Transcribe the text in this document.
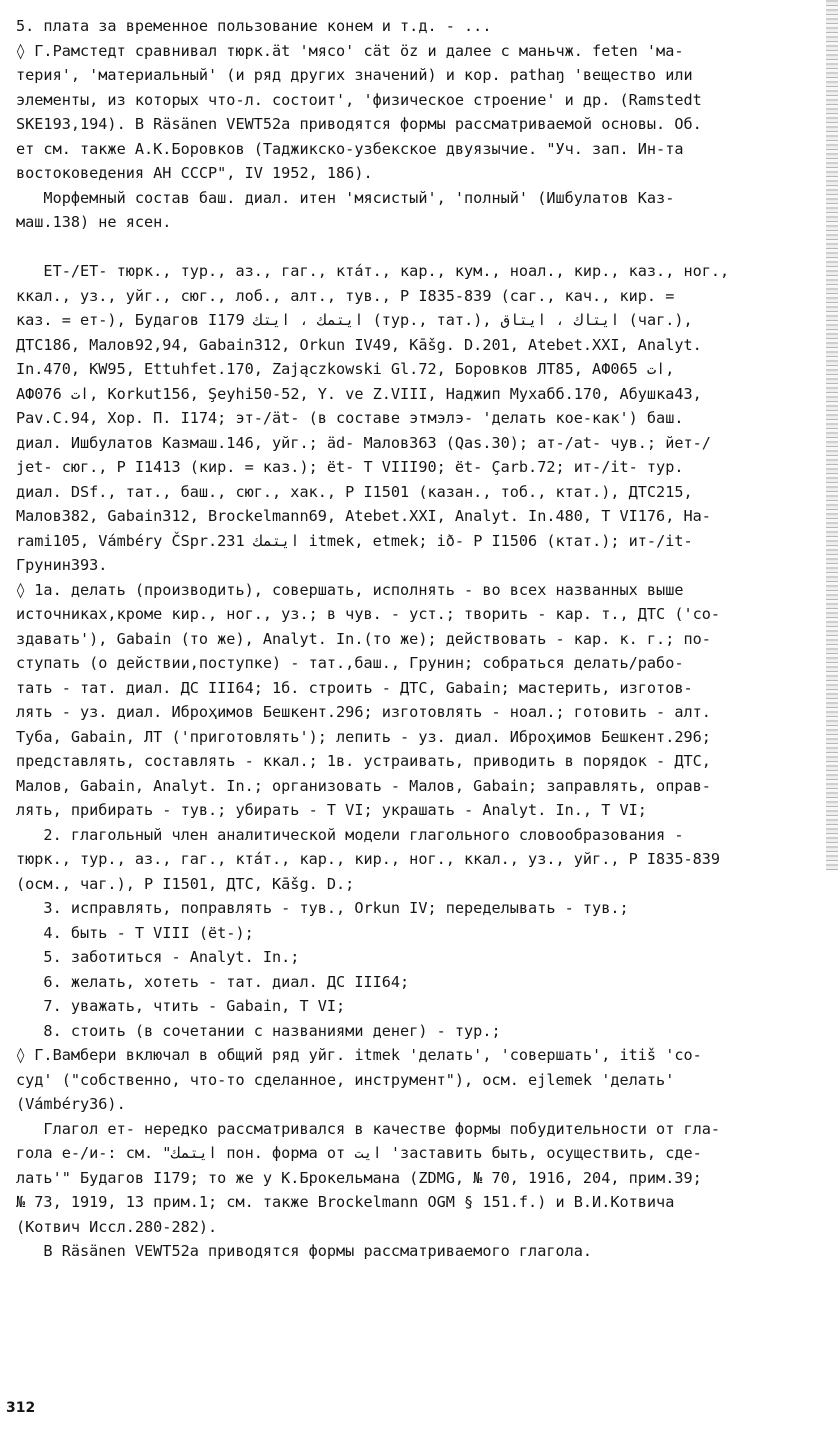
5. плата за временное пользование конем и т.д. - ...
◊ Г.Рамстедт сравнивал тюрк.ät 'мясо' cät öz и далее с маньчж. feten 'ма-
терия', 'материальный' (и ряд других значений) и кор. pathaŋ 'вещество или
элементы, из которых что-л. состоит', 'физическое строение' и др. (Ramstedt
SKE193,194). В Räsänen VEWT52a приводятся формы рассматриваемой основы. Об.
ет см. также А.К.Боровков (Таджикско-узбекское двуязычие. "Уч. зап. Ин-та
востоковедения АН СССР", IV 1952, 186).
Морфемный состав баш. диал. итен 'мясистый', 'полный' (Ишбулатов Каз-
маш.138) не ясен.
ЕТ-/ЕТ- тюрк., тур., аз., гаг., кта́т., кар., кум., ноал., кир., каз., ног.,
ккал., уз., уйг., сюг., лоб., алт., тув., Р I835-839 (саг., кач., кир. =
каз. = ет-), Будагов I179 ايتمك ، ايتك (тур., тат.), ايتاك ، ايتاق (чаг.),
ДТС186, Малов92,94, Gabain312, Orkun IV49, Kāšg. D.201, Atebet.XXI, Analyt.
In.470, KW95, Ettuhfet.170, Zajączkowski Gl.72, Боровков ЛТ85, АФ065 ات,
АФ076 ات, Korkut156, Şeyhi50-52, Y. ve Z.VIII, Наджип Мухабб.170, Абушка43,
Pav.C.94, Хор. П. I174; эт-/ät- (в составе этмэлэ- 'делать кое-как') баш.
диал. Ишбулатов Казмаш.146, уйг.; äd- Малов363 (Qas.30); ат-/at- чув.; йет-/
jet- сюг., Р I1413 (кир. = каз.); ёt- Т VIII90; ёt- Çarb.72; ит-/it- тур.
диал. DSf., тат., баш., сюг., хак., Р I1501 (казан., тоб., ктат.), ДТС215,
Малов382, Gabain312, Brockelmann69, Atebet.XXI, Analyt. In.480, Т VI176, На-
rami105, Vámbéry ČSpr.231 ايتمك itmek, etmek; ið- Р I1506 (ктат.); ит-/it-
Грунин393.
◊ 1а. делать (производить), совершать, исполнять - во всех названных выше
источниках,кроме кир., ног., уз.; в чув. - уст.; творить - кар. т., ДТС ('со-
здавать'), Gabain (то же), Analyt. In.(то же); действовать - кар. к. г.; по-
ступать (о действии,поступке) - тат.,баш., Грунин; собраться делать/рабо-
тать - тат. диал. ДС III64; 1б. строить - ДТС, Gabain; мастерить, изготов-
лять - уз. диал. Иброҳимов Бешкент.296; изготовлять - ноал.; готовить - алт.
Туба, Gabain, ЛТ ('приготовлять'); лепить - уз. диал. Иброҳимов Бешкент.296;
представлять, составлять - ккал.; 1в. устраивать, приводить в порядок - ДТС,
Малов, Gabain, Analyt. In.; организовать - Малов, Gabain; заправлять, оправ-
лять, прибирать - тув.; убирать - Т VI; украшать - Analyt. In., Т VI;
2. глагольный член аналитической модели глагольного словообразования -
тюрк., тур., аз., гаг., кта́т., кар., кир., ног., ккал., уз., уйг., Р I835-839
(осм., чаг.), Р I1501, ДТС, Kāšg. D.;
3. исправлять, поправлять - тув., Orkun IV; переделывать - тув.;
4. быть - Т VIII (ёt-);
5. заботиться - Analyt. In.;
6. желать, хотеть - тат. диал. ДС III64;
7. уважать, чтить - Gabain, Т VI;
8. стоить (в сочетании с названиями денег) - тур.;
◊ Г.Вамбери включал в общий ряд уйг. itmek 'делать', 'совершать', itiš 'со-
суд' ("собственно, что-то сделанное, инструмент"), осм. ejlemek 'делать'
(Vámbéry36).
Глагол ет- нередко рассматривался в качестве формы побудительности от гла-
гола е-/и-: см. "ايتمك пон. форма от ايت 'заставить быть, осуществить, сде-
лать'" Будагов I179; то же у К.Брокельмана (ZDMG, № 70, 1916, 204, прим.39;
№ 73, 1919, 13 прим.1; см. также Brockelmann OGM § 151.f.) и В.И.Котвича
(Котвич Иссл.280-282).
В Räsänen VEWT52a приводятся формы рассматриваемого глагола.
312
